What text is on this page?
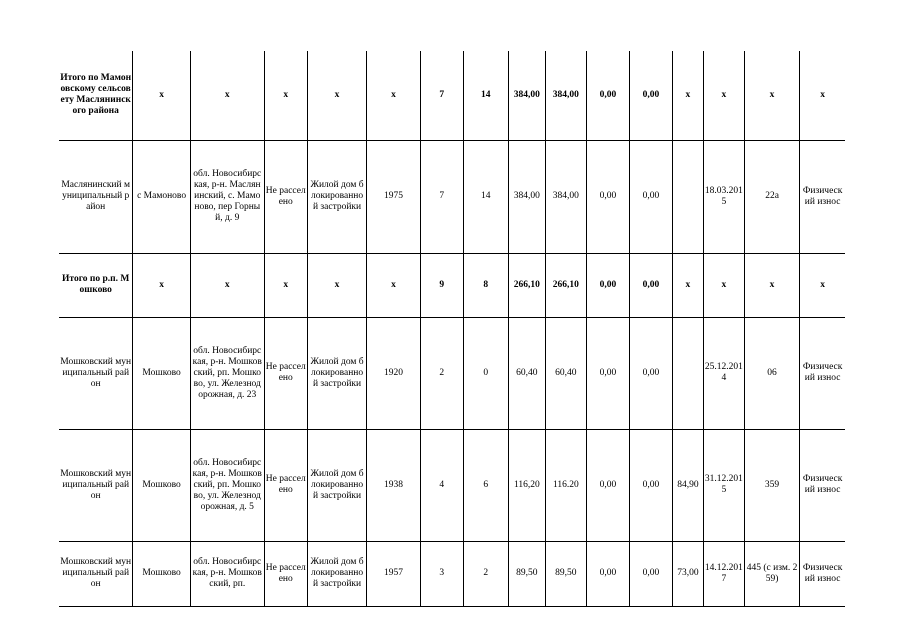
Итого по Мамоновскому сельсовету Маслянинского района	х	х	х	х	х	7	14	384,00	384,00	0,00	0,00	х	х	х	х
Маслянинский муниципальный район	с Мамоново	обл. Новосибирская, р-н. Маслянинский, с. Мамоново, пер Горный, д. 9	Не расселено	Жилой дом блокированной застройки	1975	7	14	384,00	384,00	0,00	0,00		18.03.2015	22а	Физический износ
Итого по р.п. Мошково	х	х	х	х	х	9	8	266,10	266,10	0,00	0,00	х	х	х	х
Мошковский муниципальный район	Мошково	обл. Новосибирская, р-н. Мошковский, рп. Мошково, ул. Железнодорожная, д. 23	Не расселено	Жилой дом блокированной застройки	1920	2	0	60,40	60,40	0,00	0,00		25.12.2014	06	Физический износ
Мошковский муниципальный район	Мошково	обл. Новосибирская, р-н. Мошковский, рп. Мошково, ул. Железнодорожная, д. 5	Не расселено	Жилой дом блокированной застройки	1938	4	6	116,20	116.20	0,00	0,00	84,90	31.12.2015	359	Физический износ
Мошковский муниципальный район	Мошково	обл. Новосибирская, р-н. Мошковский, рп.	Не расселено	Жилой дом блокированной застройки	1957	3	2	89,50	89,50	0,00	0,00	73,00	14.12.2017	445 (с изм. 259)	Физический износ
